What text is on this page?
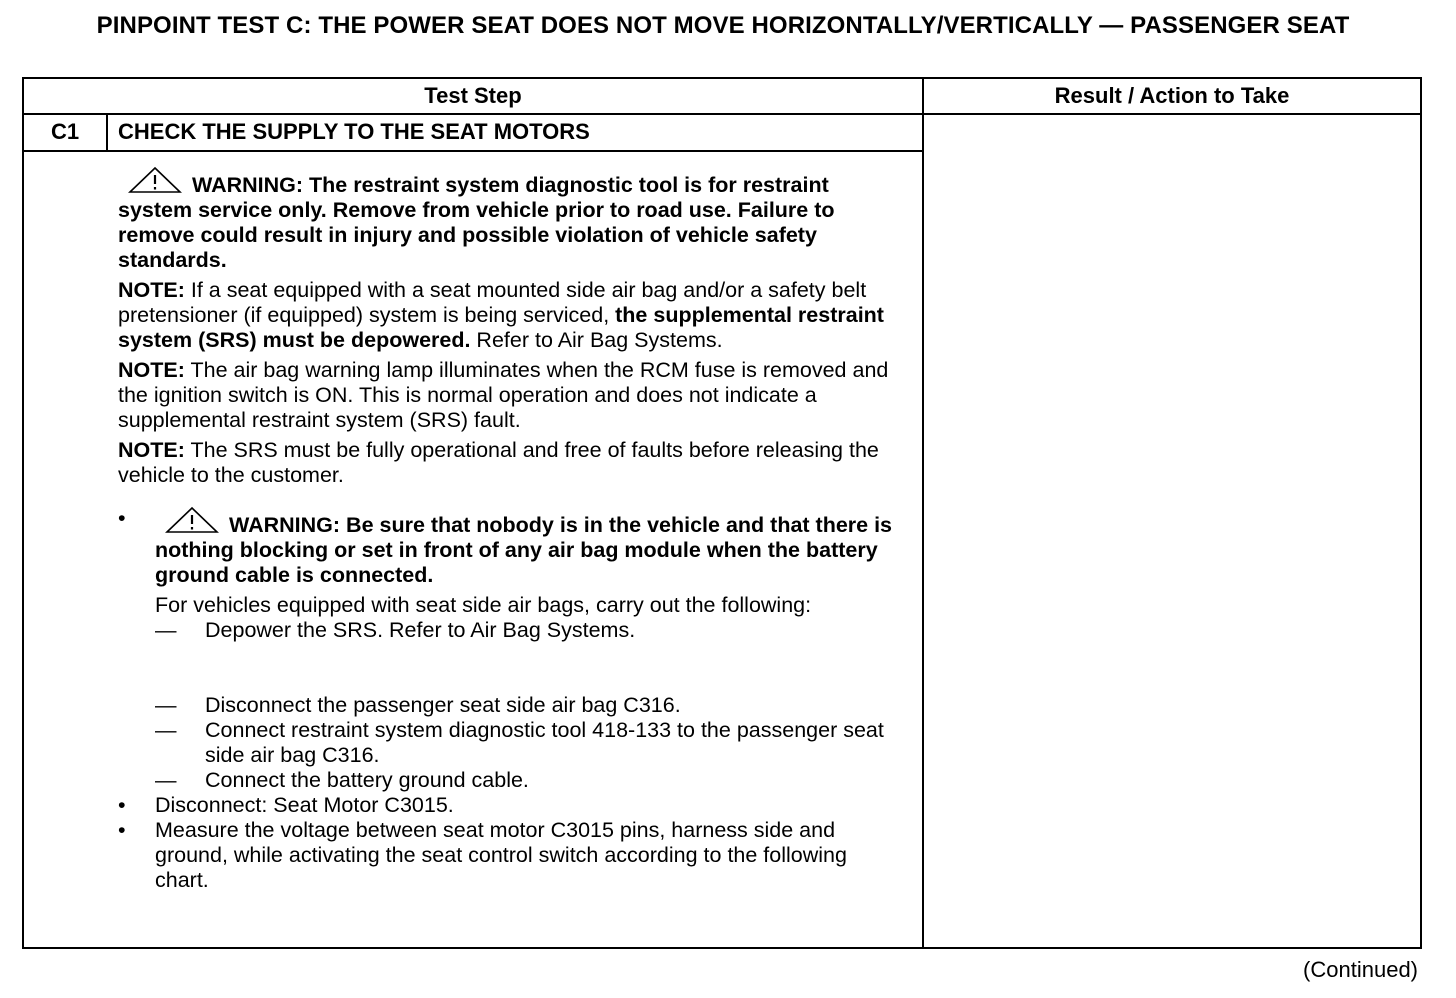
PINPOINT TEST C: THE POWER SEAT DOES NOT MOVE HORIZONTALLY/VERTICALLY — PASSENGER SEAT
Test Step	Result / Action to Take
C1	CHECK THE SUPPLY TO THE SEAT MOTORS
WARNING: The restraint system diagnostic tool is for restraint system service only. Remove from vehicle prior to road use. Failure to remove could result in injury and possible violation of vehicle safety standards.
NOTE: If a seat equipped with a seat mounted side air bag and/or a safety belt pretensioner (if equipped) system is being serviced, the supplemental restraint system (SRS) must be depowered. Refer to Air Bag Systems.
NOTE: The air bag warning lamp illuminates when the RCM fuse is removed and the ignition switch is ON. This is normal operation and does not indicate a supplemental restraint system (SRS) fault.
NOTE: The SRS must be fully operational and free of faults before releasing the vehicle to the customer.
•	WARNING: Be sure that nobody is in the vehicle and that there is nothing blocking or set in front of any air bag module when the battery ground cable is connected.
For vehicles equipped with seat side air bags, carry out the following:
— Depower the SRS. Refer to Air Bag Systems.
— Disconnect the passenger seat side air bag C316.
— Connect restraint system diagnostic tool 418-133 to the passenger seat side air bag C316.
— Connect the battery ground cable.
• Disconnect: Seat Motor C3015.
• Measure the voltage between seat motor C3015 pins, harness side and ground, while activating the seat control switch according to the following chart.
(Continued)
